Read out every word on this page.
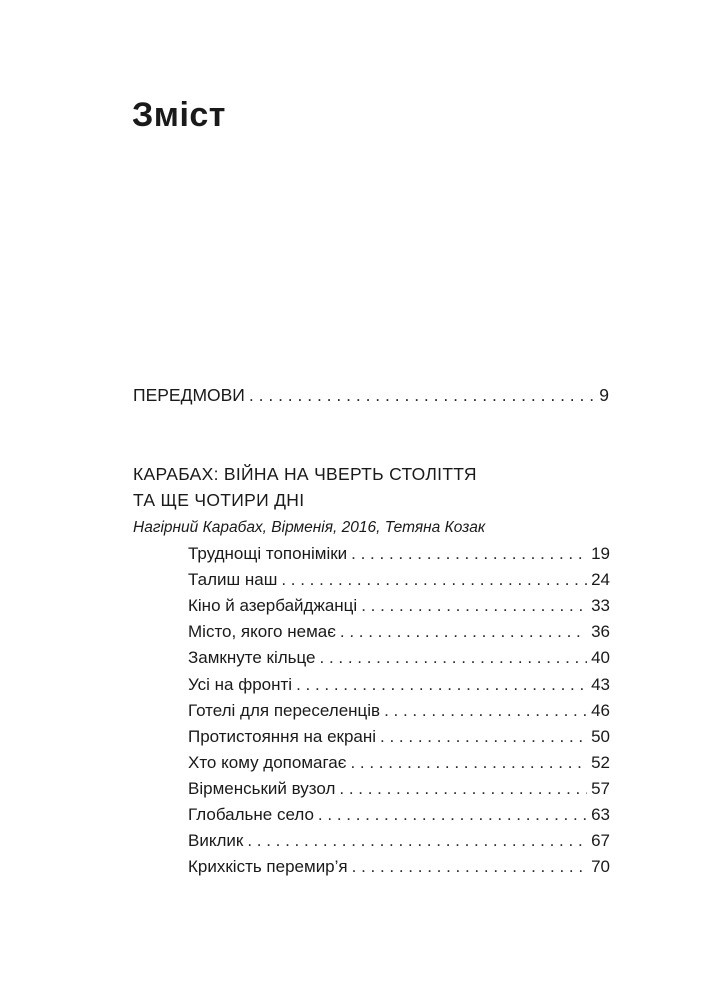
Зміст
ПЕРЕДМОВИ . . .	9
КАРАБАХ: ВІЙНА НА ЧВЕРТЬ СТОЛІТТЯ
ТА ЩЕ ЧОТИРИ ДНІ
Нагірний Карабах, Вірменія, 2016, Тетяна Козак
Труднощі топоніміки . . .	19
Талиш наш . . .	24
Кіно й азербайджанці . . .	33
Місто, якого немає . . .	36
Замкнуте кільце . . .	40
Усі на фронті . . .	43
Готелі для переселенців . . .	46
Протистояння на екрані . . .	50
Хто кому допомагає . . .	52
Вірменський вузол . . .	57
Глобальне село . . .	63
Виклик . . .	67
Крихкість перемир’я . . .	70
